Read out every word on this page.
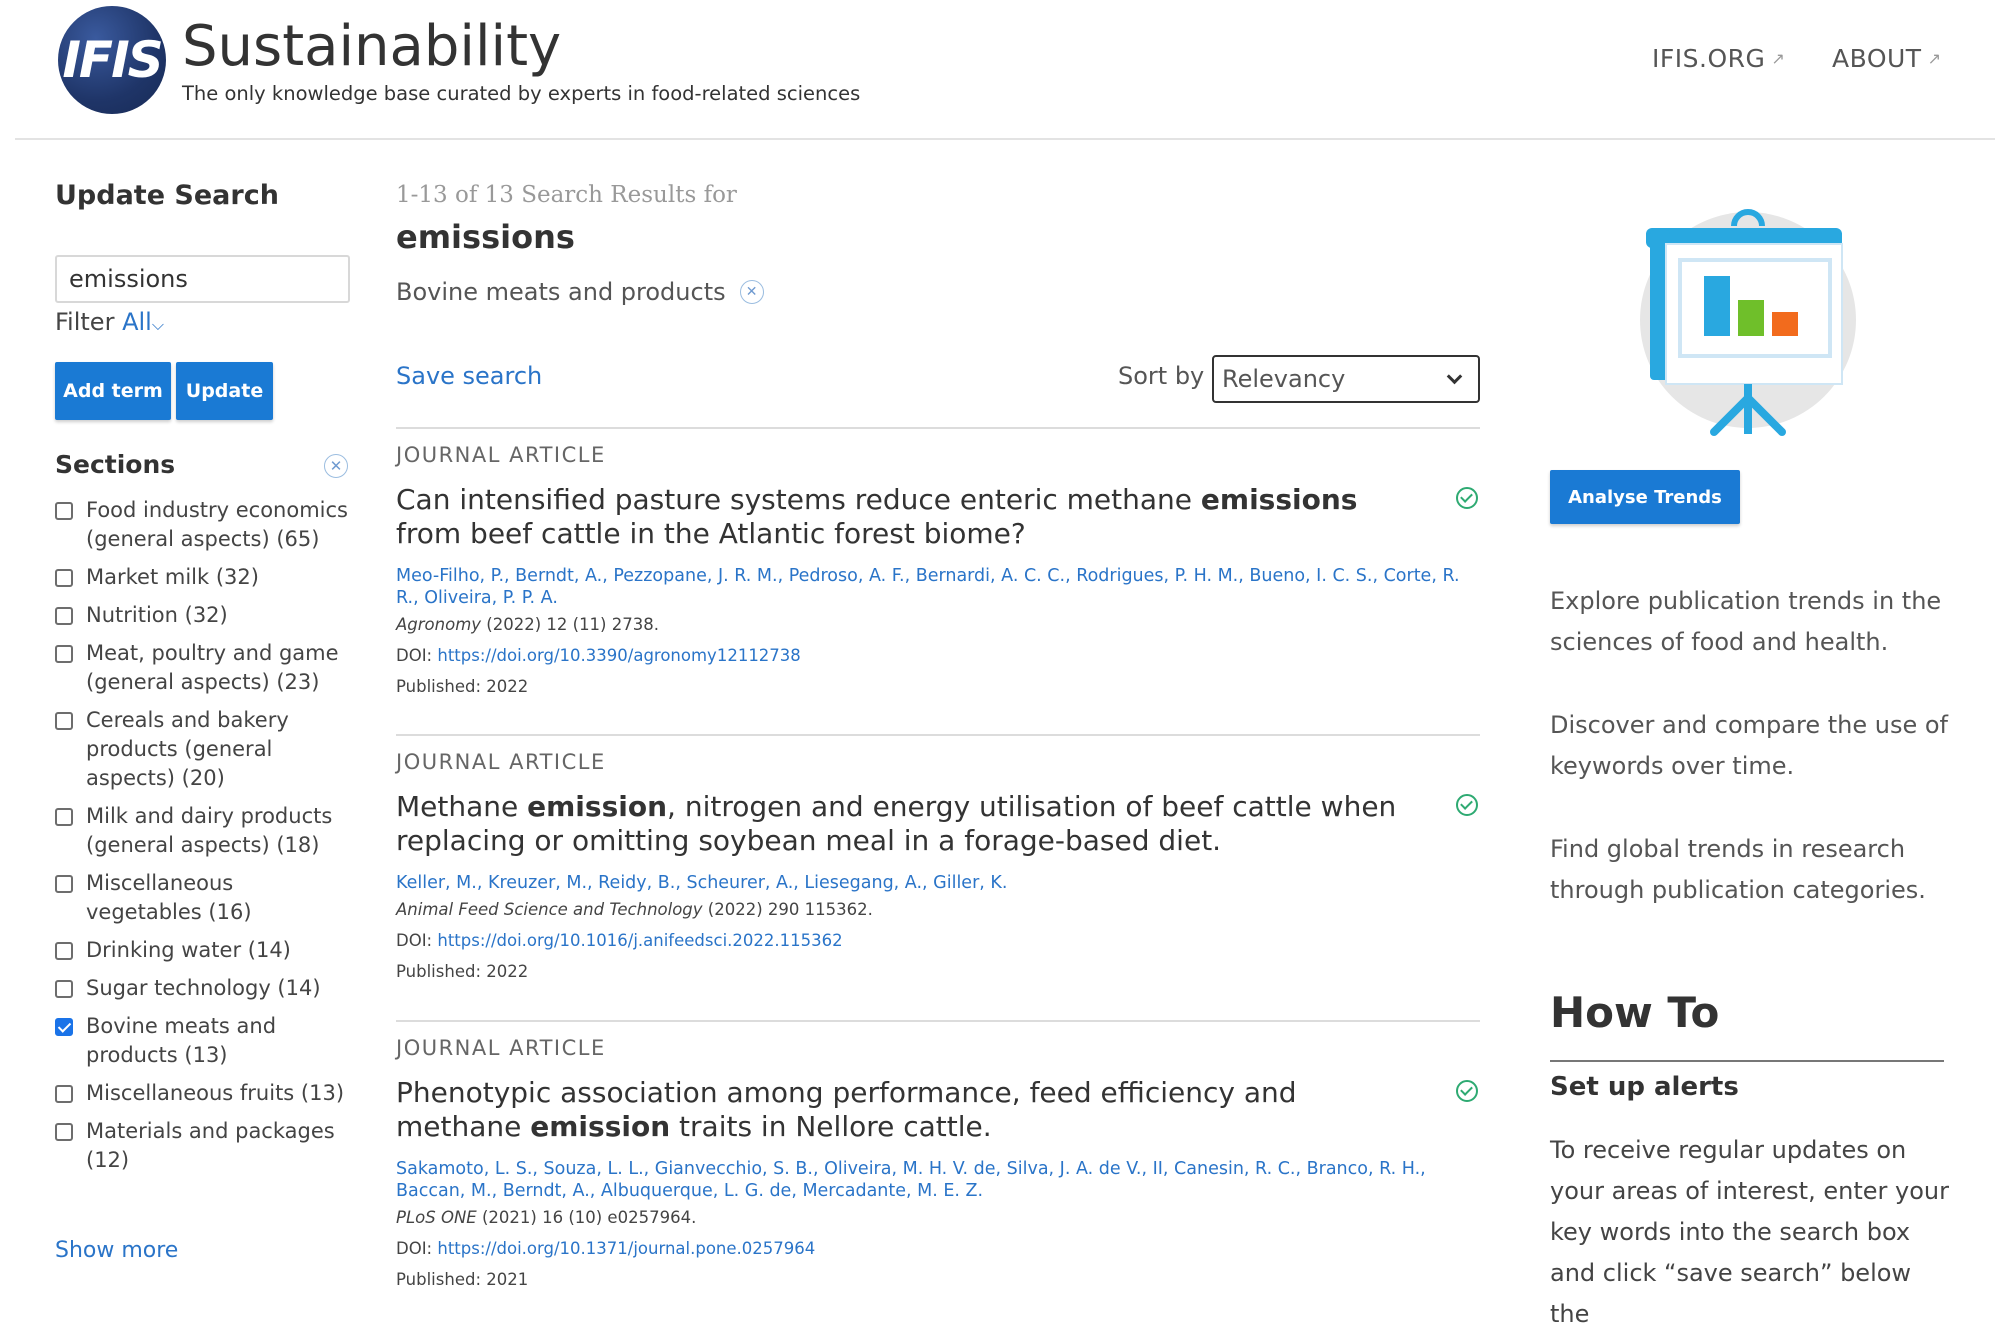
IFIS Sustainability
The only knowledge base curated by experts in food-related sciences
IFIS.ORG ↗ ABOUT ↗
Update Search
emissions
Filter All⌵
Add term	Update
Sections	✕
Food industry economics (general aspects) (65)
Market milk (32)
Nutrition (32)
Meat, poultry and game (general aspects) (23)
Cereals and bakery products (general aspects) (20)
Milk and dairy products (general aspects) (18)
Miscellaneous vegetables (16)
Drinking water (14)
Sugar technology (14)
Bovine meats and products (13)
Miscellaneous fruits (13)
Materials and packages (12)
Show more
1-13 of 13 Search Results for
emissions
Bovine meats and products	✕
Save search	Sort by Relevancy
JOURNAL ARTICLE
Can intensified pasture systems reduce enteric methane emissions from beef cattle in the Atlantic forest biome?
Meo-Filho, P., Berndt, A., Pezzopane, J. R. M., Pedroso, A. F., Bernardi, A. C. C., Rodrigues, P. H. M., Bueno, I. C. S., Corte, R. R., Oliveira, P. P. A.
Agronomy (2022) 12 (11) 2738.
DOI: https://doi.org/10.3390/agronomy12112738
Published: 2022
JOURNAL ARTICLE
Methane emission, nitrogen and energy utilisation of beef cattle when replacing or omitting soybean meal in a forage-based diet.
Keller, M., Kreuzer, M., Reidy, B., Scheurer, A., Liesegang, A., Giller, K.
Animal Feed Science and Technology (2022) 290 115362.
DOI: https://doi.org/10.1016/j.anifeedsci.2022.115362
Published: 2022
JOURNAL ARTICLE
Phenotypic association among performance, feed efficiency and methane emission traits in Nellore cattle.
Sakamoto, L. S., Souza, L. L., Gianvecchio, S. B., Oliveira, M. H. V. de, Silva, J. A. de V., II, Canesin, R. C., Branco, R. H., Baccan, M., Berndt, A., Albuquerque, L. G. de, Mercadante, M. E. Z.
PLoS ONE (2021) 16 (10) e0257964.
DOI: https://doi.org/10.1371/journal.pone.0257964
Published: 2021
Analyse Trends
Explore publication trends in the sciences of food and health.
Discover and compare the use of keywords over time.
Find global trends in research through publication categories.
How To
Set up alerts
To receive regular updates on your areas of interest, enter your key words into the search box and click “save search” below the
